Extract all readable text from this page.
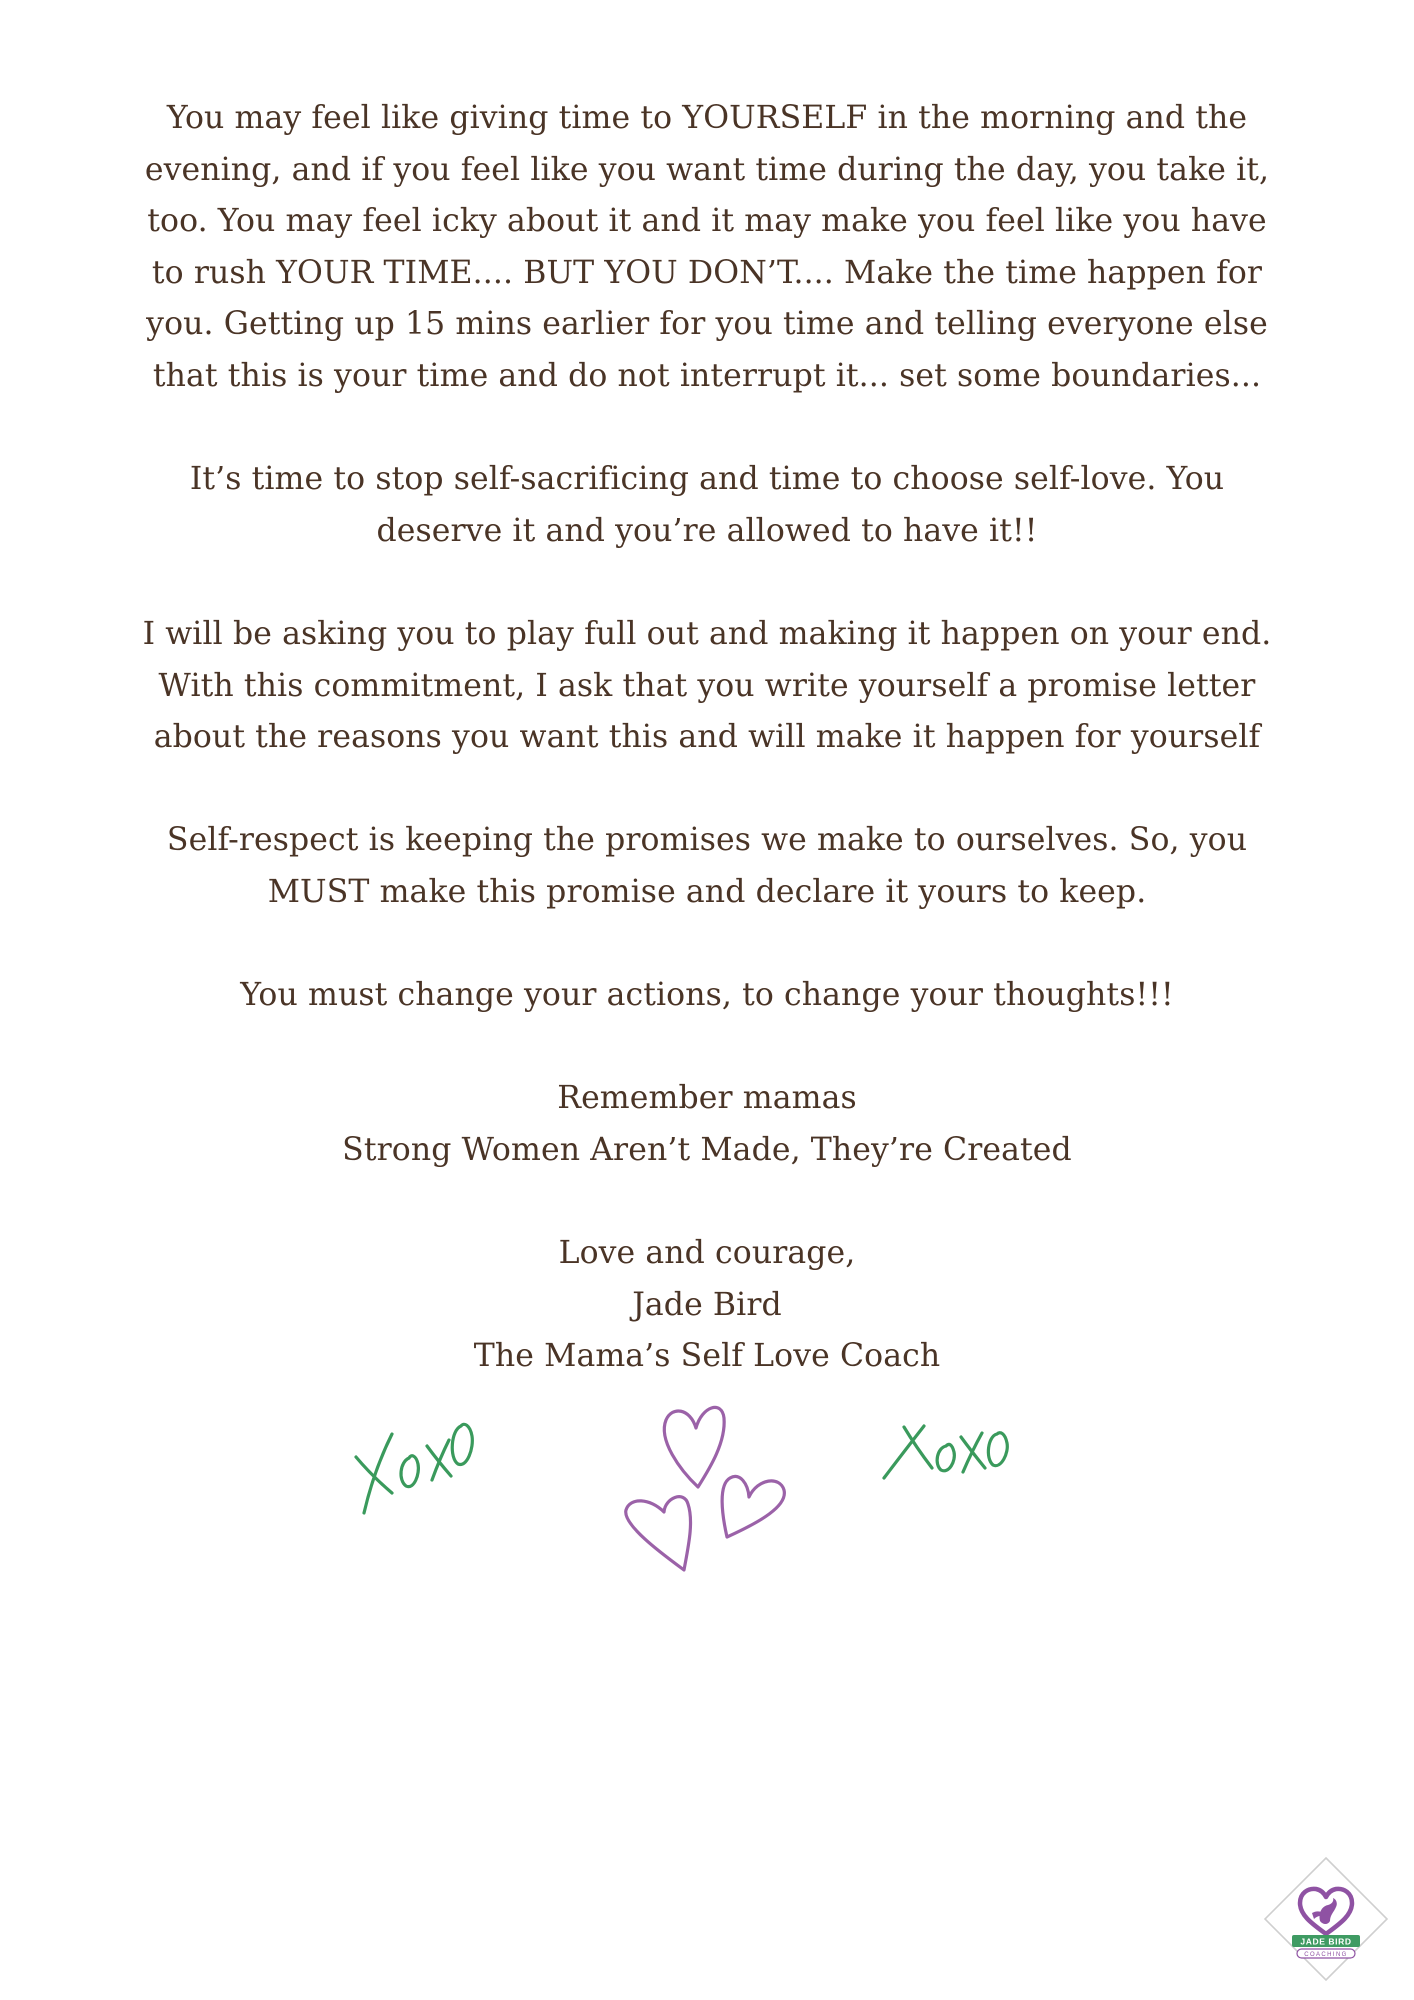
You may feel like giving time to YOURSELF in the morning and the
evening, and if you feel like you want time during the day, you take it,
too. You may feel icky about it and it may make you feel like you have
to rush YOUR TIME.... BUT YOU DON’T.... Make the time happen for
you. Getting up 15 mins earlier for you time and telling everyone else
that this is your time and do not interrupt it... set some boundaries...
It’s time to stop self-sacrificing and time to choose self-love. You
deserve it and you’re allowed to have it!!
I will be asking you to play full out and making it happen on your end.
With this commitment, I ask that you write yourself a promise letter
about the reasons you want this and will make it happen for yourself
Self-respect is keeping the promises we make to ourselves. So, you
MUST make this promise and declare it yours to keep.
You must change your actions, to change your thoughts!!!
Remember mamas
Strong Women Aren’t Made, They’re Created
Love and courage,
Jade Bird
The Mama’s Self Love Coach
JADE BIRD
COACHING
